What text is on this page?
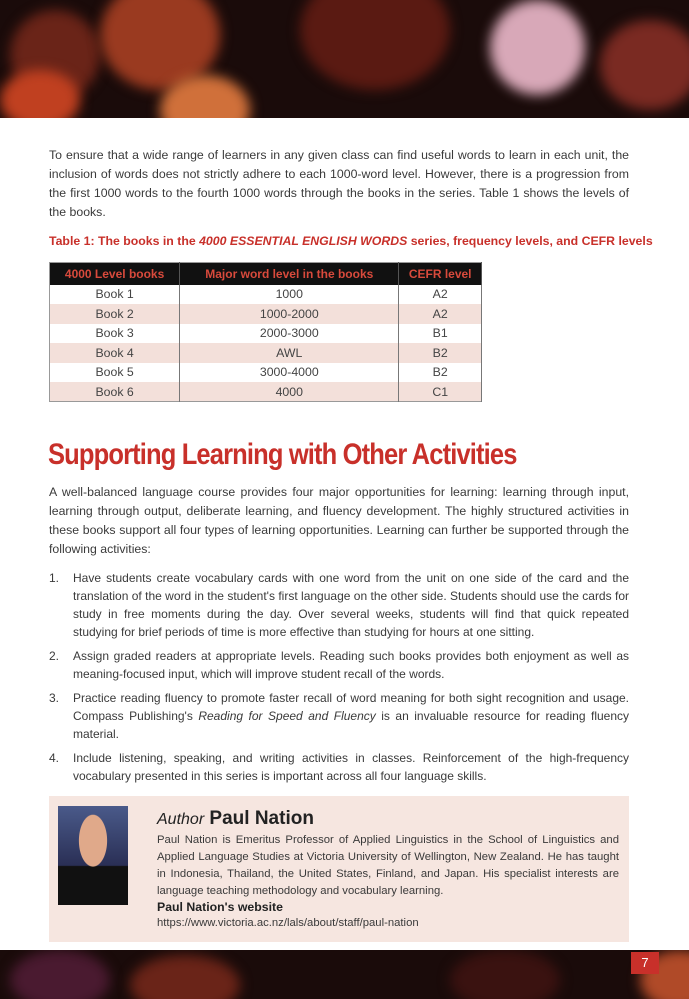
To ensure that a wide range of learners in any given class can find useful words to learn in each unit, the inclusion of words does not strictly adhere to each 1000-word level. However, there is a progression from the first 1000 words to the fourth 1000 words through the books in the series. Table 1 shows the levels of the books.

Table 1: The books in the 4000 ESSENTIAL ENGLISH WORDS series, frequency levels, and CEFR levels
4000 Level books	Major word level in the books	CEFR level
Book 1	1000	A2
Book 2	1000-2000	A2
Book 3	2000-3000	B1
Book 4	AWL	B2
Book 5	3000-4000	B2
Book 6	4000	C1
Supporting Learning with Other Activities

A well-balanced language course provides four major opportunities for learning: learning through input, learning through output, deliberate learning, and fluency development. The highly structured activities in these books support all four types of learning opportunities. Learning can further be supported through the following activities:

1. Have students create vocabulary cards with one word from the unit on one side of the card and the translation of the word in the student's first language on the other side. Students should use the cards for study in free moments during the day. Over several weeks, students will find that quick repeated studying for brief periods of time is more effective than studying for hours at one sitting.
2. Assign graded readers at appropriate levels. Reading such books provides both enjoyment as well as meaning-focused input, which will improve student recall of the words.
3. Practice reading fluency to promote faster recall of word meaning for both sight recognition and usage. Compass Publishing's Reading for Speed and Fluency is an invaluable resource for reading fluency material.
4. Include listening, speaking, and writing activities in classes. Reinforcement of the high-frequency vocabulary presented in this series is important across all four language skills.
Author Paul Nation

Paul Nation is Emeritus Professor of Applied Linguistics in the School of Linguistics and Applied Language Studies at Victoria University of Wellington, New Zealand. He has taught in Indonesia, Thailand, the United States, Finland, and Japan. His specialist interests are language teaching methodology and vocabulary learning.

Paul Nation's website
https://www.victoria.ac.nz/lals/about/staff/paul-nation
7
